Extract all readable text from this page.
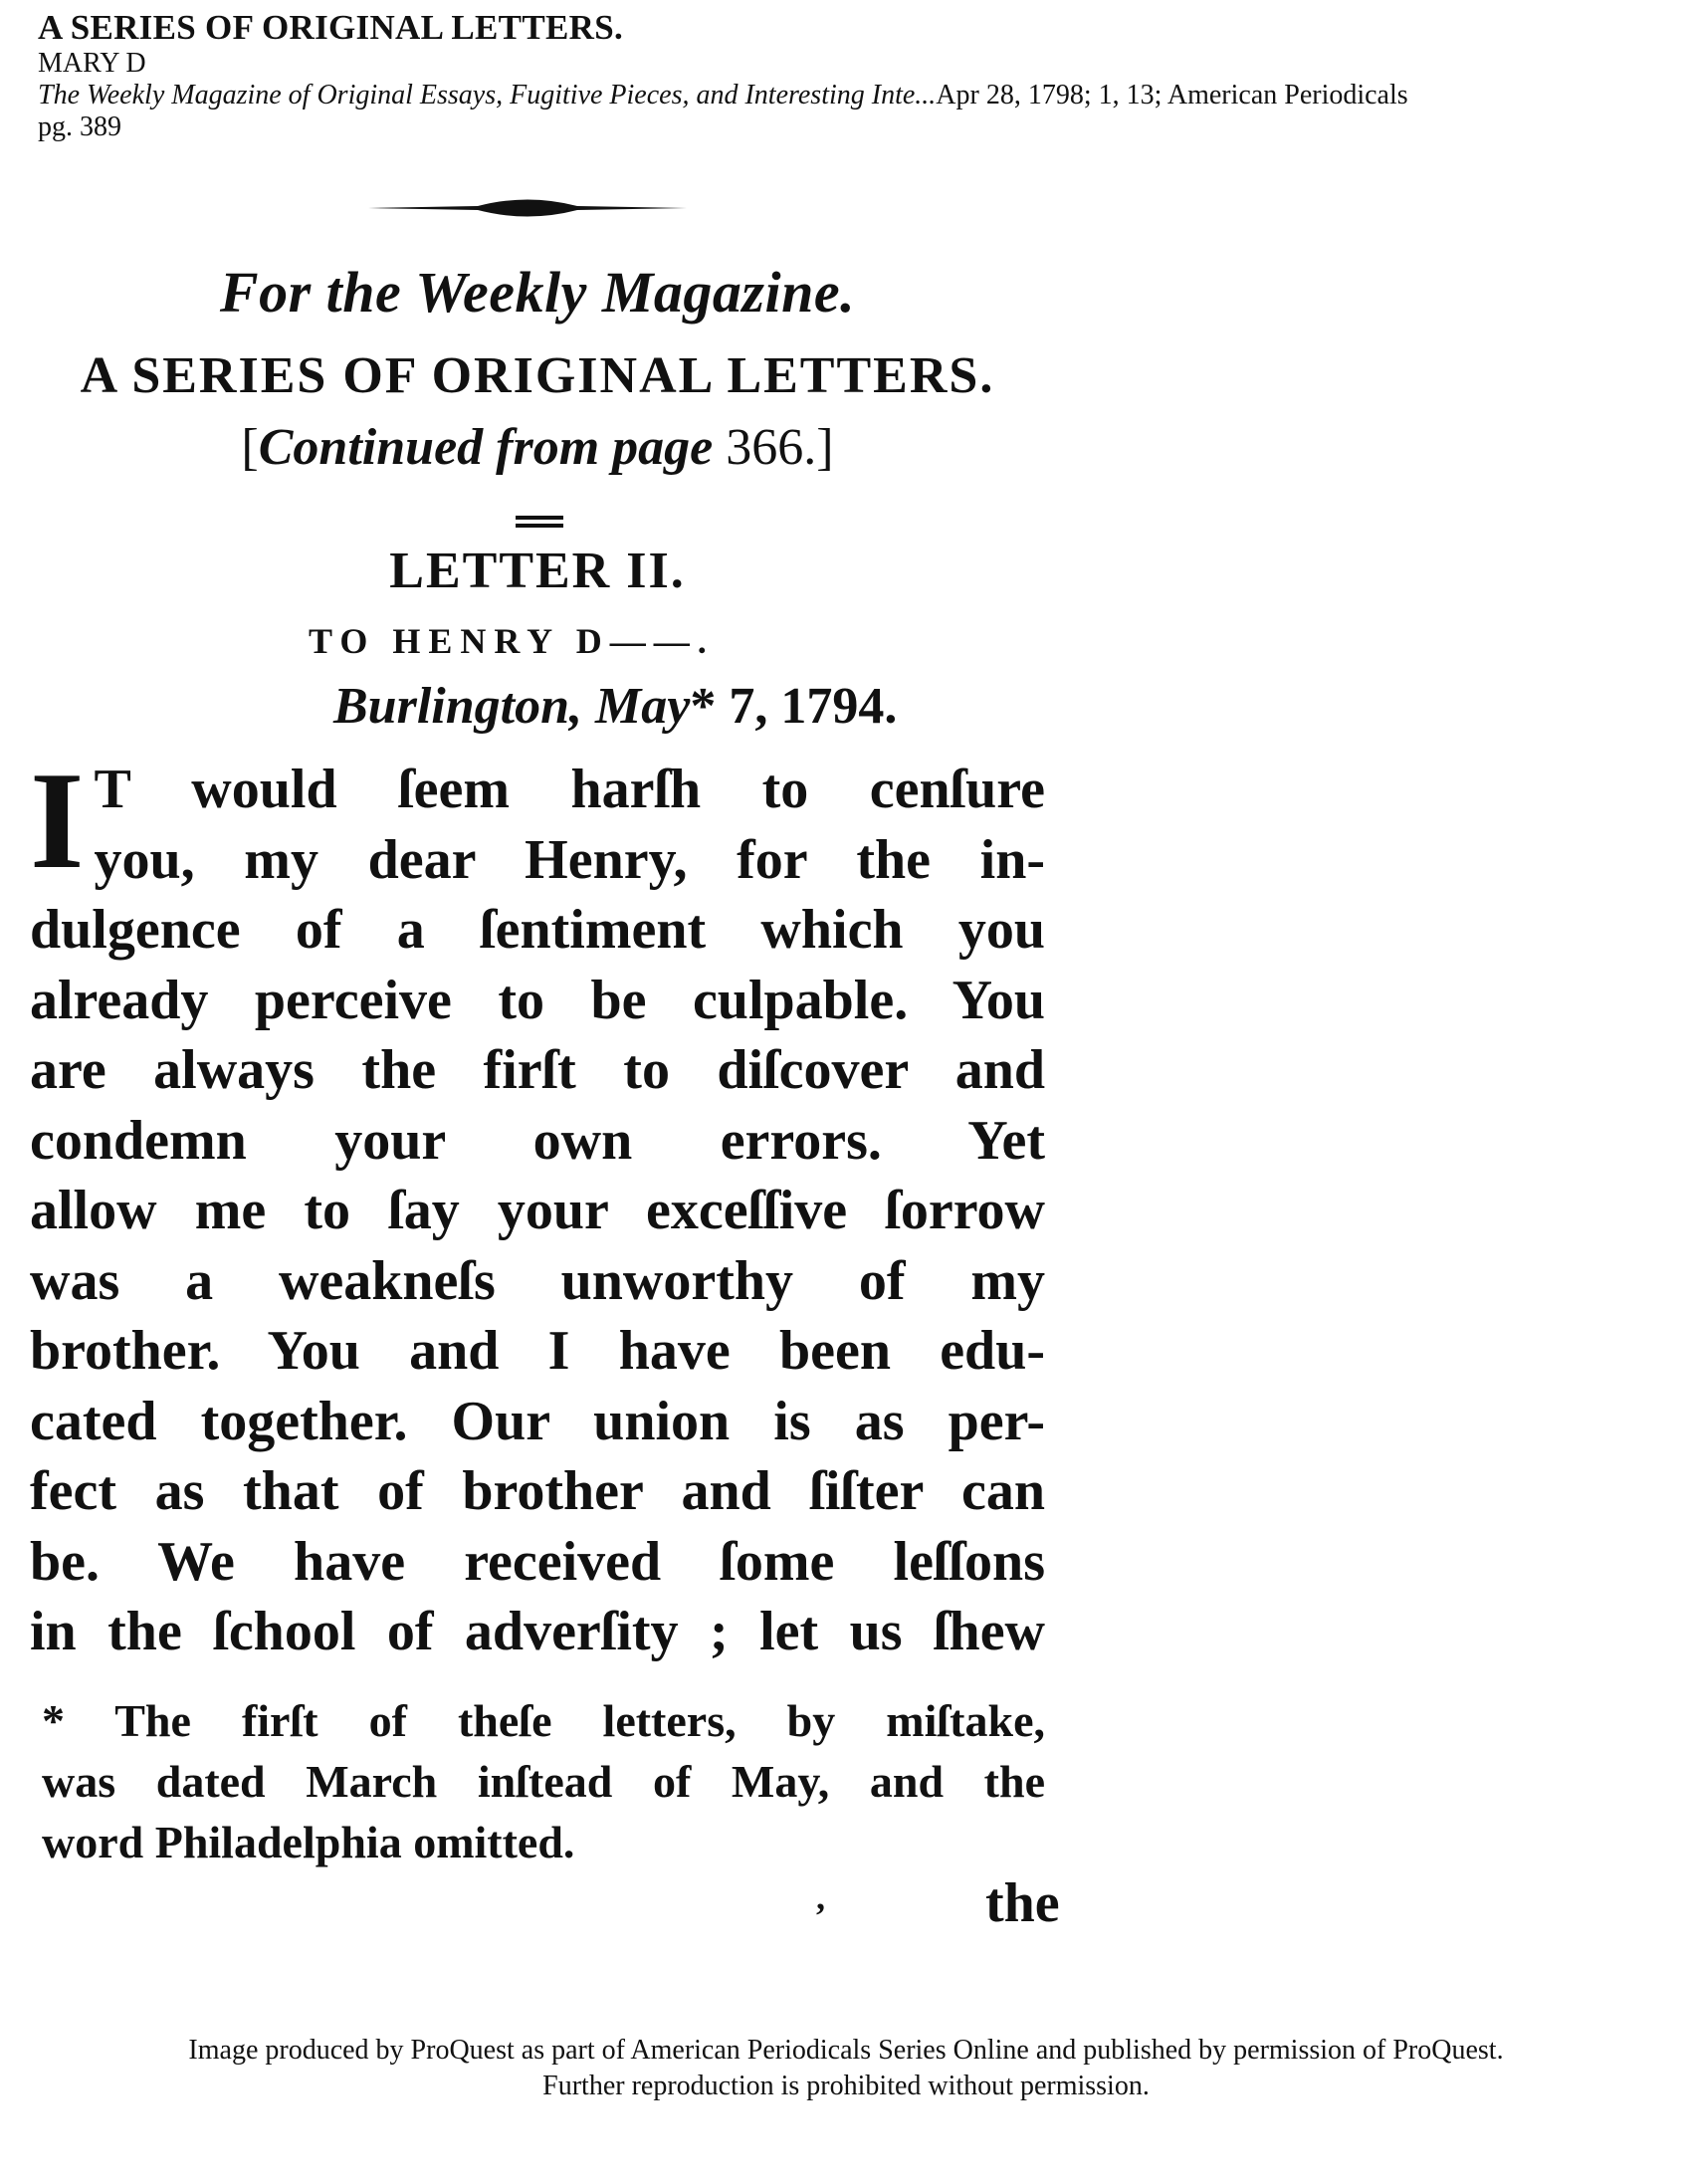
A SERIES OF ORIGINAL LETTERS.
MARY D
The Weekly Magazine of Original Essays, Fugitive Pieces, and Interesting Inte...Apr 28, 1798; 1, 13; American Periodicals
pg. 389
For the Weekly Magazine.
A SERIES OF ORIGINAL LETTERS.
[Continued from page 366.]
LETTER II.
TO HENRY D——.
Burlington, May* 7, 1794.
I T would ſeem harſh to cenſure
you, my dear Henry, for the in-
dulgence of a ſentiment which you
already perceive to be culpable. You
are always the firſt to diſcover and
condemn your own errors. Yet
allow me to ſay your exceſſive ſorrow
was a weakneſs unworthy of my
brother. You and I have been edu-
cated together. Our union is as per-
fect as that of brother and ſiſter can
be. We have received ſome leſſons
in the ſchool of adverſity ; let us ſhew
* The firſt of theſe letters, by miſtake,
was dated March inſtead of May, and the
word Philadelphia omitted.
,	the
Image produced by ProQuest as part of American Periodicals Series Online and published by permission of ProQuest.
Further reproduction is prohibited without permission.
